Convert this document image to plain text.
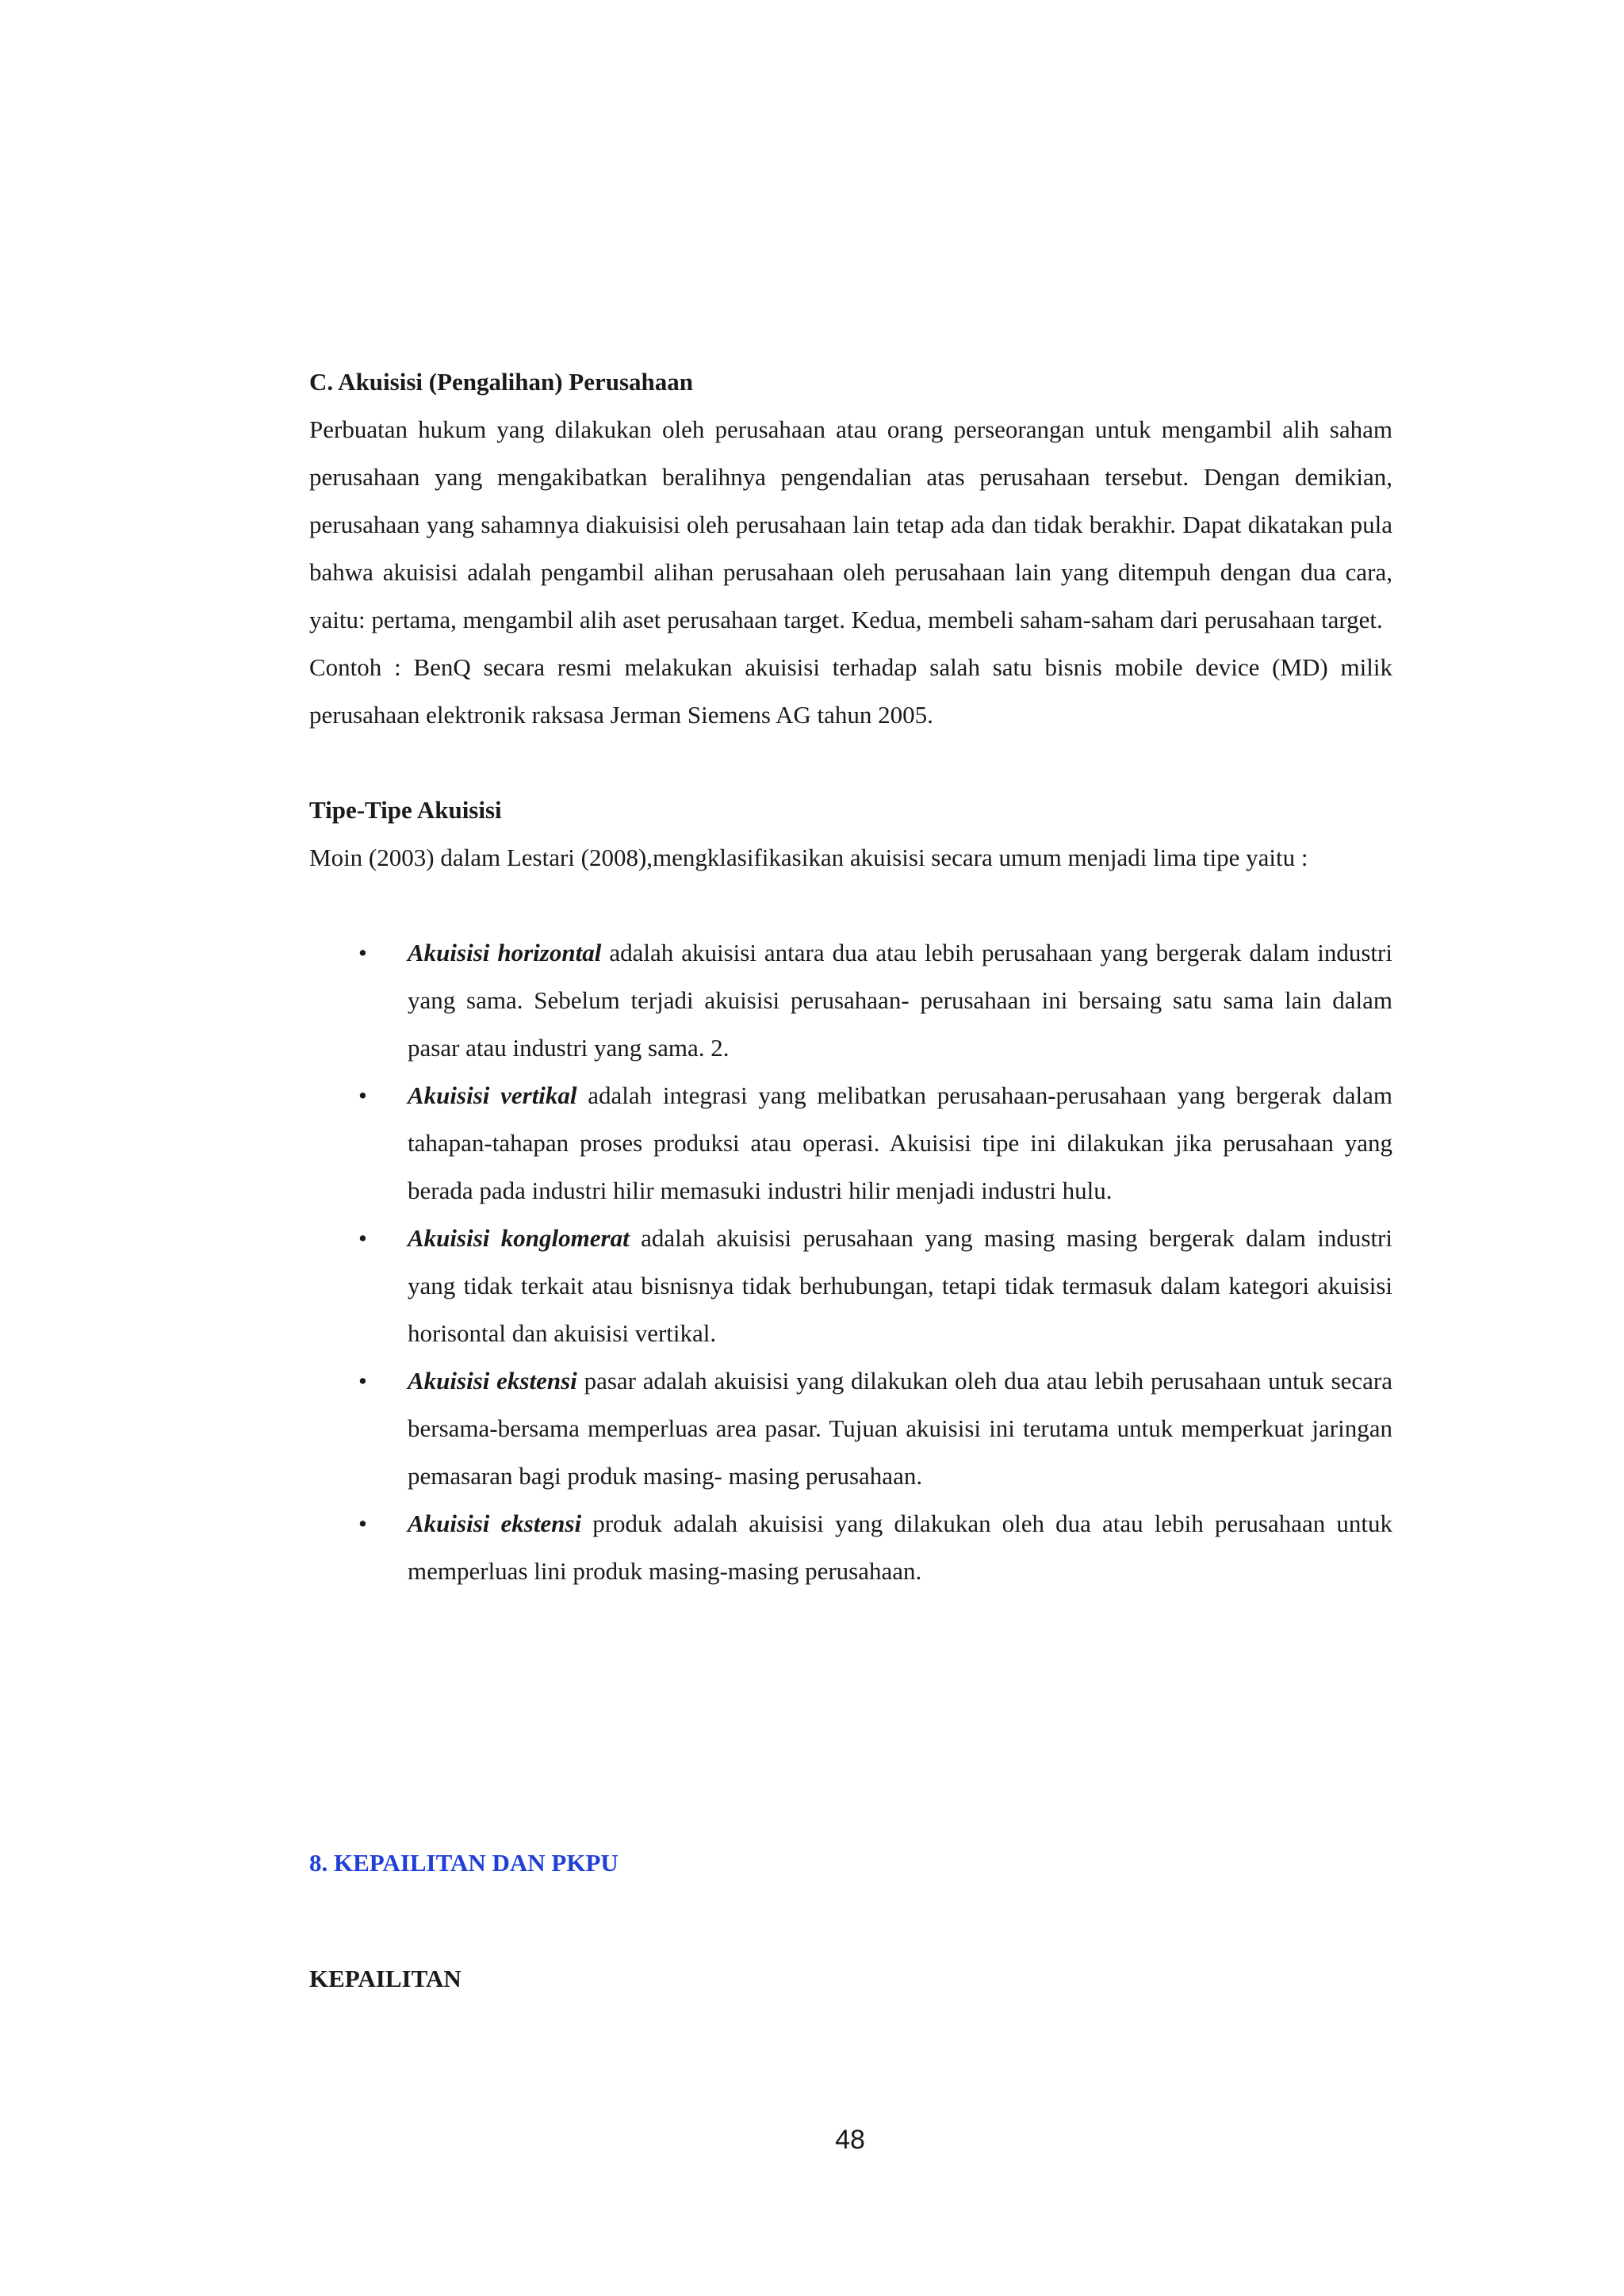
C. Akuisisi (Pengalihan) Perusahaan

Perbuatan hukum yang dilakukan oleh perusahaan atau orang perseorangan untuk mengambil alih saham perusahaan yang mengakibatkan beralihnya pengendalian atas perusahaan tersebut. Dengan demikian, perusahaan yang sahamnya diakuisisi oleh perusahaan lain tetap ada dan tidak berakhir. Dapat dikatakan pula bahwa akuisisi adalah pengambil alihan perusahaan oleh perusahaan lain yang ditempuh dengan dua cara, yaitu: pertama, mengambil alih aset perusahaan target. Kedua, membeli saham-saham dari perusahaan target.

Contoh : BenQ secara resmi melakukan akuisisi terhadap salah satu bisnis mobile device (MD) milik perusahaan elektronik raksasa Jerman Siemens AG tahun 2005.

Tipe-Tipe Akuisisi

Moin (2003) dalam Lestari (2008),mengklasifikasikan akuisisi secara umum menjadi lima tipe yaitu :

• Akuisisi horizontal adalah akuisisi antara dua atau lebih perusahaan yang bergerak dalam industri yang sama. Sebelum terjadi akuisisi perusahaan- perusahaan ini bersaing satu sama lain dalam pasar atau industri yang sama. 2.
• Akuisisi vertikal adalah integrasi yang melibatkan perusahaan-perusahaan yang bergerak dalam tahapan-tahapan proses produksi atau operasi. Akuisisi tipe ini dilakukan jika perusahaan yang berada pada industri hilir memasuki industri hilir menjadi industri hulu.
• Akuisisi konglomerat adalah akuisisi perusahaan yang masing masing bergerak dalam industri yang tidak terkait atau bisnisnya tidak berhubungan, tetapi tidak termasuk dalam kategori akuisisi horisontal dan akuisisi vertikal.
• Akuisisi ekstensi pasar adalah akuisisi yang dilakukan oleh dua atau lebih perusahaan untuk secara bersama-bersama memperluas area pasar. Tujuan akuisisi ini terutama untuk memperkuat jaringan pemasaran bagi produk masing- masing perusahaan.
• Akuisisi ekstensi produk adalah akuisisi yang dilakukan oleh dua atau lebih perusahaan untuk memperluas lini produk masing-masing perusahaan.

8. KEPAILITAN DAN PKPU

KEPAILITAN

48
